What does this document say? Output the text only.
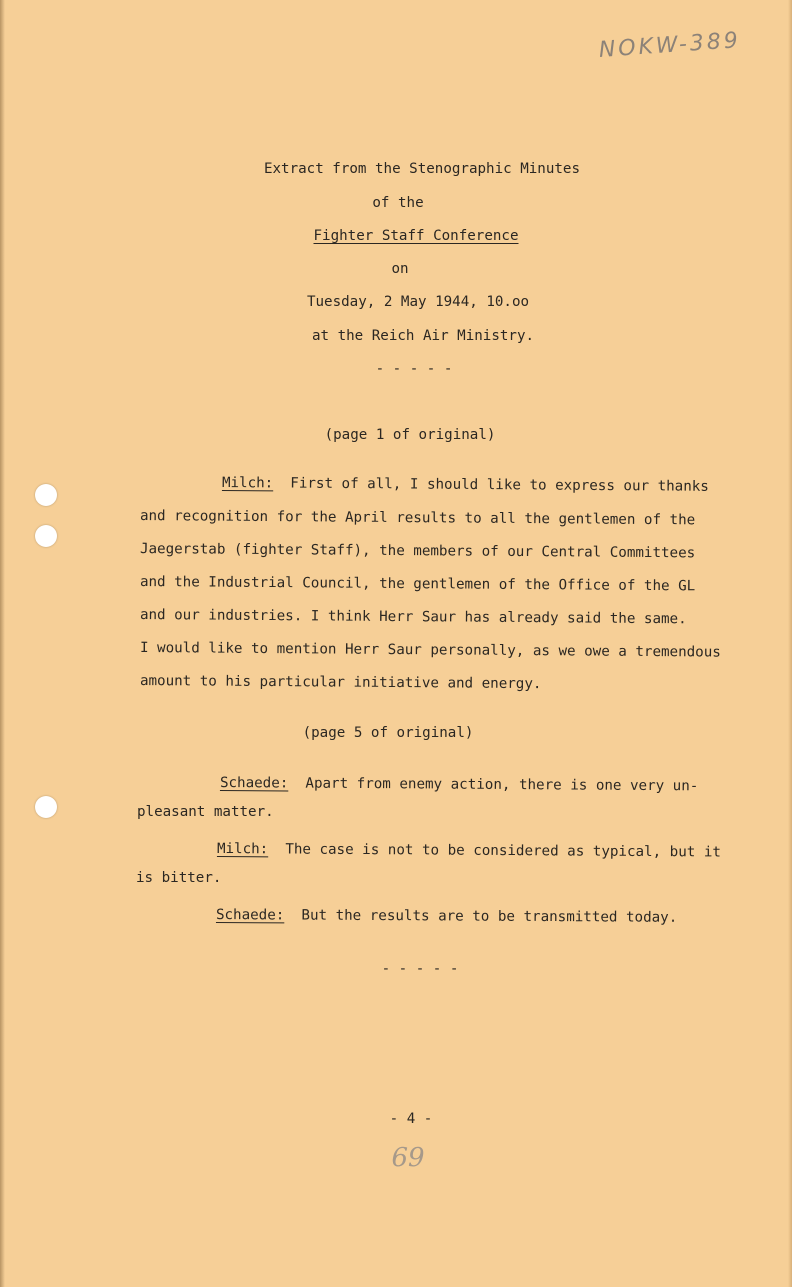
NOKW-389
Extract from the Stenographic Minutes
of the
Fighter Staff Conference
on
Tuesday, 2 May 1944, 10.oo
at the Reich Air Ministry.
- - - - -
(page 1 of original)
Milch: First of all, I should like to express our thanks
and recognition for the April results to all the gentlemen of the
Jaegerstab (fighter Staff), the members of our Central Committees
and the Industrial Council, the gentlemen of the Office of the GL
and our industries. I think Herr Saur has already said the same.
I would like to mention Herr Saur personally, as we owe a tremendous
amount to his particular initiative and energy.
(page 5 of original)
Schaede: Apart from enemy action, there is one very un-
pleasant matter.
Milch: The case is not to be considered as typical, but it
is bitter.
Schaede: But the results are to be transmitted today.
- - - - -
- 4 -
69
